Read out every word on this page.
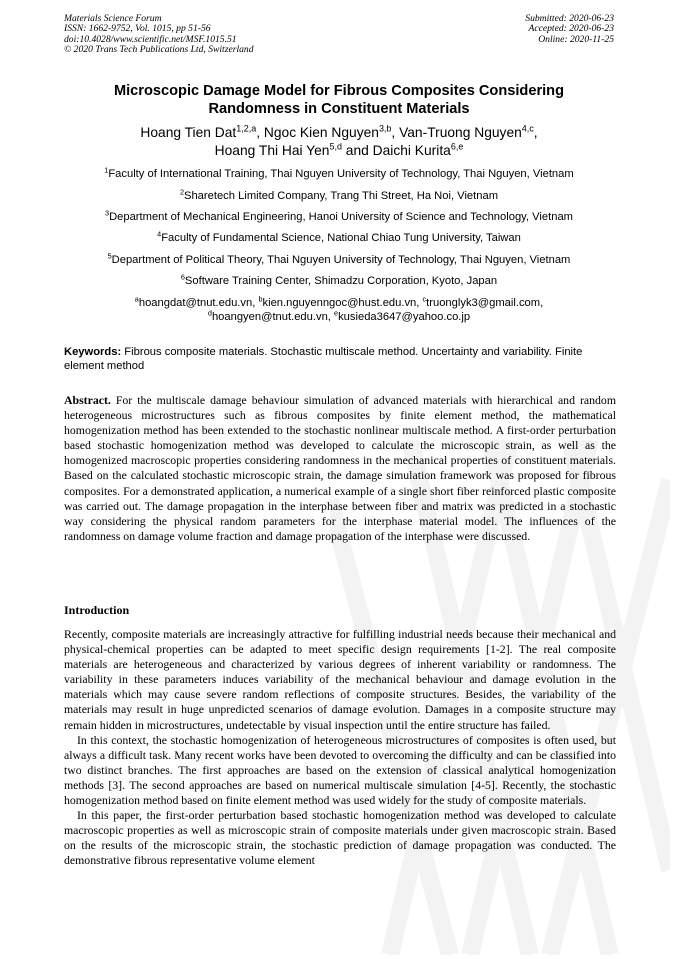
Materials Science Forum
ISSN: 1662-9752, Vol. 1015, pp 51-56
doi:10.4028/www.scientific.net/MSF.1015.51
© 2020 Trans Tech Publications Ltd, Switzerland
Submitted: 2020-06-23
Accepted: 2020-06-23
Online: 2020-11-25
Microscopic Damage Model for Fibrous Composites Considering
Randomness in Constituent Materials
Hoang Tien Dat$^{1,2,a}$, Ngoc Kien Nguyen$^{3,b}$, Van-Truong Nguyen$^{4,c}$,
Hoang Thi Hai Yen$^{5,d}$ and Daichi Kurita$^{6,e}$
$^1$Faculty of International Training, Thai Nguyen University of Technology, Thai Nguyen, Vietnam
$^2$Sharetech Limited Company, Trang Thi Street, Ha Noi, Vietnam
$^3$Department of Mechanical Engineering, Hanoi University of Science and Technology, Vietnam
$^4$Faculty of Fundamental Science, National Chiao Tung University, Taiwan
$^5$Department of Political Theory, Thai Nguyen University of Technology, Thai Nguyen, Vietnam
$^6$Software Training Center, Shimadzu Corporation, Kyoto, Japan
$^a$hoangdat@tnut.edu.vn, $^b$kien.nguyenngoc@hust.edu.vn, $^c$truonglyk3@gmail.com,
$^d$hoangyen@tnut.edu.vn, $^e$kusieda3647@yahoo.co.jp
Keywords: Fibrous composite materials. Stochastic multiscale method. Uncertainty and variability. Finite element method

Abstract. For the multiscale damage behaviour simulation of advanced materials with hierarchical and random heterogeneous microstructures such as fibrous composites by finite element method, the mathematical homogenization method has been extended to the stochastic nonlinear multiscale method. A first-order perturbation based stochastic homogenization method was developed to calculate the microscopic strain, as well as the homogenized macroscopic properties considering randomness in the mechanical properties of constituent materials. Based on the calculated stochastic microscopic strain, the damage simulation framework was proposed for fibrous composites. For a demonstrated application, a numerical example of a single short fiber reinforced plastic composite was carried out. The damage propagation in the interphase between fiber and matrix was predicted in a stochastic way considering the physical random parameters for the interphase material model. The influences of the randomness on damage volume fraction and damage propagation of the interphase were discussed.

Introduction

Recently, composite materials are increasingly attractive for fulfilling industrial needs because their mechanical and physical-chemical properties can be adapted to meet specific design requirements [1-2]. The real composite materials are heterogeneous and characterized by various degrees of inherent variability or randomness. The variability in these parameters induces variability of the mechanical behaviour and damage evolution in the materials which may cause severe random reflections of composite structures. Besides, the variability of the materials may result in huge unpredicted scenarios of damage evolution. Damages in a composite structure may remain hidden in microstructures, undetectable by visual inspection until the entire structure has failed.

In this context, the stochastic homogenization of heterogeneous microstructures of composites is often used, but always a difficult task. Many recent works have been devoted to overcoming the difficulty and can be classified into two distinct branches. The first approaches are based on the extension of classical analytical homogenization methods [3]. The second approaches are based on numerical multiscale simulation [4-5]. Recently, the stochastic homogenization method based on finite element method was used widely for the study of composite materials.

In this paper, the first-order perturbation based stochastic homogenization method was developed to calculate macroscopic properties as well as microscopic strain of composite materials under given macroscopic strain. Based on the results of the microscopic strain, the stochastic prediction of damage propagation was conducted. The demonstrative fibrous representative volume element
